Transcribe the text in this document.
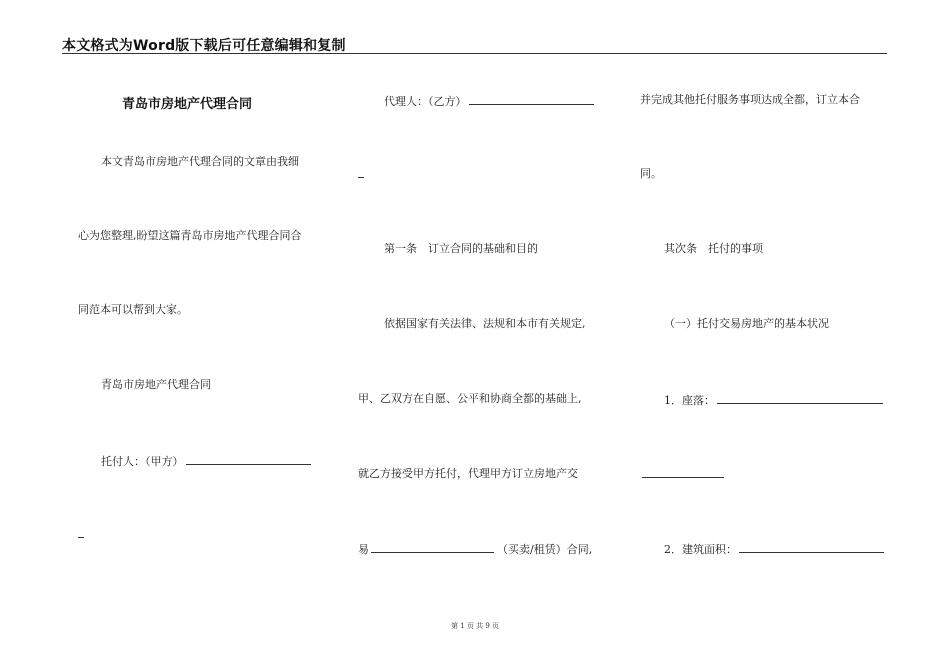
本文格式为Word版下载后可任意编辑和复制
青岛市房地产代理合同
本文青岛市房地产代理合同的文章由我细
心为您整理,盼望这篇青岛市房地产代理合同合
同范本可以帮到大家。
青岛市房地产代理合同
托付人：（甲方）
代理人：（乙方）
第一条　订立合同的基础和目的
依据国家有关法律、法规和本市有关规定,
甲、乙双方在自愿、公平和协商全都的基础上,
就乙方接受甲方托付，代理甲方订立房地产交
易	（买卖/租赁）合同,
并完成其他托付服务事项达成全都，订立本合
同。
其次条　托付的事项
（一）托付交易房地产的基本状况
1．座落：
2．建筑面积：
第 1 页 共 9 页
